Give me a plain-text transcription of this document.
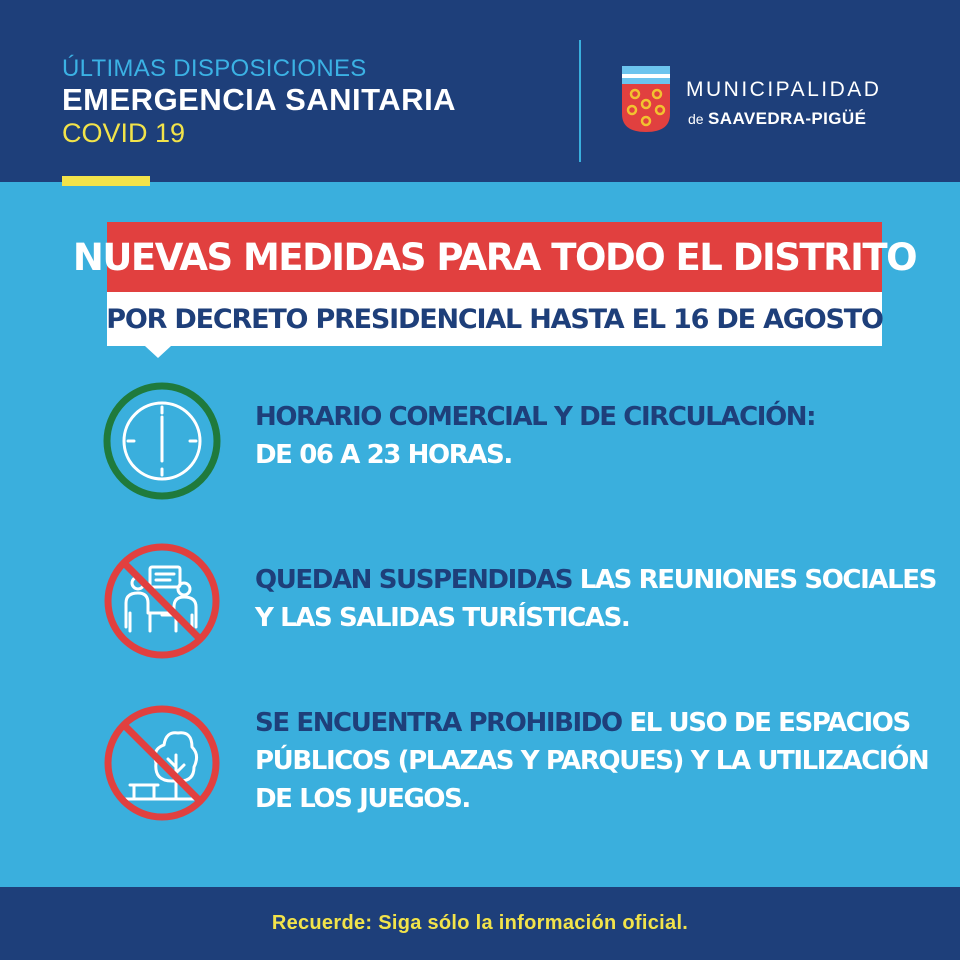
ÚLTIMAS DISPOSICIONES
EMERGENCIA SANITARIA
COVID 19
MUNICIPALIDAD
de SAAVEDRA-PIGÜÉ
NUEVAS MEDIDAS PARA TODO EL DISTRITO
POR DECRETO PRESIDENCIAL HASTA EL 16 DE AGOSTO
HORARIO COMERCIAL Y DE CIRCULACIÓN:
DE 06 A 23 HORAS.
QUEDAN SUSPENDIDAS LAS REUNIONES SOCIALES
Y LAS SALIDAS TURÍSTICAS.
SE ENCUENTRA PROHIBIDO EL USO DE ESPACIOS
PÚBLICOS (PLAZAS Y PARQUES) Y LA UTILIZACIÓN
DE LOS JUEGOS.
Recuerde: Siga sólo la información oficial.
